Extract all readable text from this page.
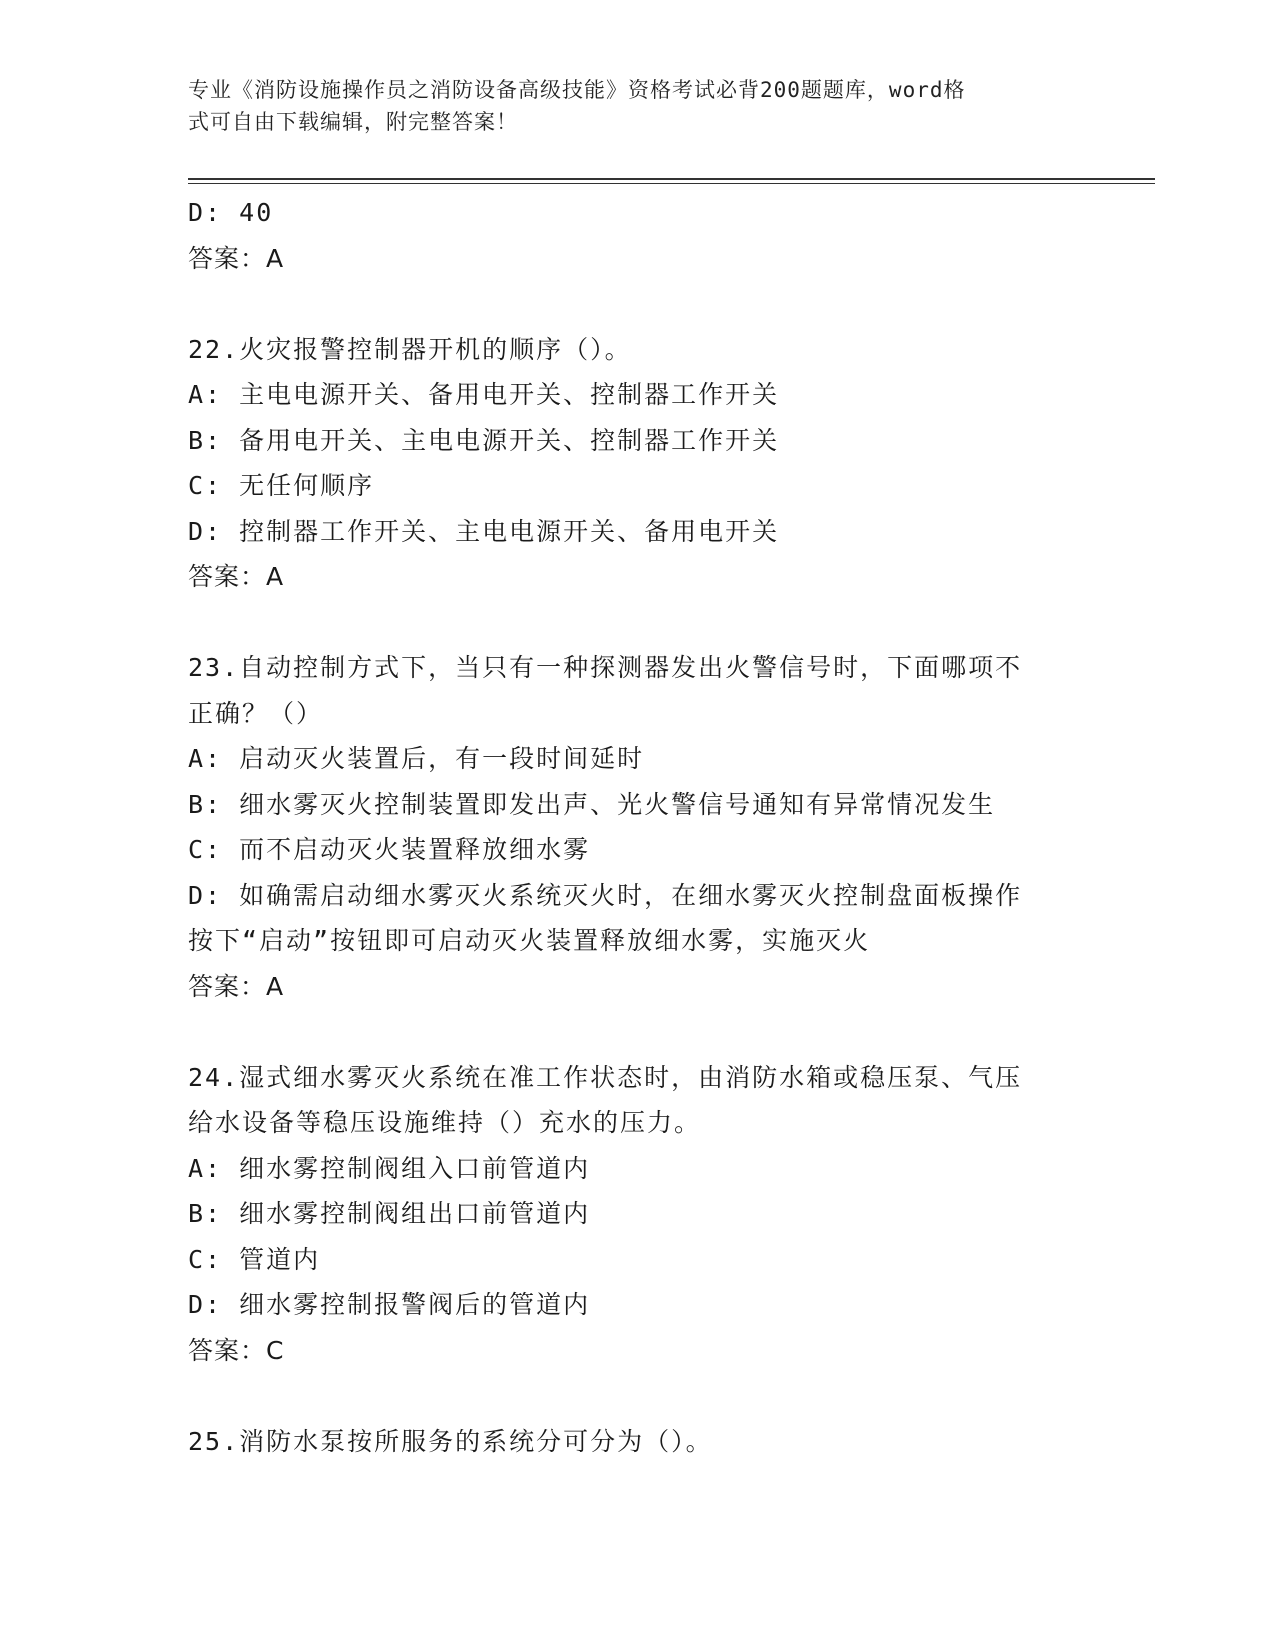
专业《消防设施操作员之消防设备高级技能》资格考试必背200题题库，word格
式可自由下载编辑，附完整答案！
D: 40
答案：A
22.火灾报警控制器开机的顺序（）。
A: 主电电源开关、备用电开关、控制器工作开关
B: 备用电开关、主电电源开关、控制器工作开关
C: 无任何顺序
D: 控制器工作开关、主电电源开关、备用电开关
答案：A
23.自动控制方式下，当只有一种探测器发出火警信号时，下面哪项不
正确？（）
A: 启动灭火装置后，有一段时间延时
B: 细水雾灭火控制装置即发出声、光火警信号通知有异常情况发生
C: 而不启动灭火装置释放细水雾
D: 如确需启动细水雾灭火系统灭火时，在细水雾灭火控制盘面板操作
按下“启动”按钮即可启动灭火装置释放细水雾，实施灭火
答案：A
24.湿式细水雾灭火系统在准工作状态时，由消防水箱或稳压泵、气压
给水设备等稳压设施维持（）充水的压力。
A: 细水雾控制阀组入口前管道内
B: 细水雾控制阀组出口前管道内
C: 管道内
D: 细水雾控制报警阀后的管道内
答案：C
25.消防水泵按所服务的系统分可分为（）。
